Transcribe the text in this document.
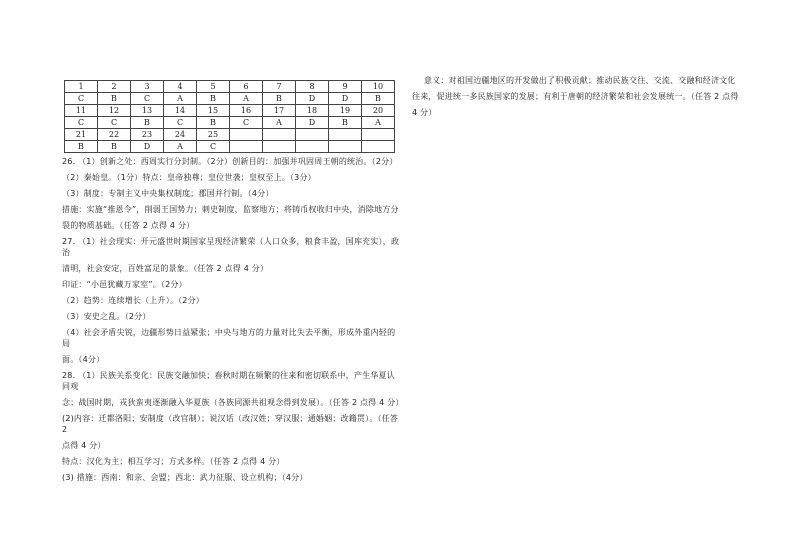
1	2	3	4	5	6	7	8	9	10
C	B	C	A	B	A	B	D	D	B
11	12	13	14	15	16	17	18	19	20
C	C	B	C	B	C	A	D	B	A
21	22	23	24	25					
B	B	D	A	C					
26. （1）创新之处：西周实行分封制。（2分）创新目的：加强并巩固周王朝的统治。（2分）
（2）秦始皇。（1分）特点：皇帝独尊；皇位世袭；皇权至上。（3分）
（3）制度：专制主义中央集权制度；郡国并行制。（4分）
措施：实施“推恩令”，削弱王国势力；刺史制度，监察地方；将铸币权收归中央，消除地方分
裂的物质基础。（任答 2 点得 4 分）
27. （1）社会现实：开元盛世时期国家呈现经济繁荣（人口众多，粮食丰盈，国库充实），政治
清明，社会安定，百姓富足的景象。（任答 2 点得 4 分）
印证：“小邑犹藏万家室”。（2分）
（2）趋势：连续增长（上升）。（2分）
（3）安史之乱。（2分）
（4）社会矛盾尖锐，边疆形势日益紧张；中央与地方的力量对比失去平衡，形成外重内轻的局
面。（4分）
28. （1）民族关系变化：民族交融加快；春秋时期在频繁的往来和密切联系中，产生华夏认同观
念；战国时期，戎狄蛮夷逐渐融入华夏族（各族同源共祖观念得到发展）。（任答 2 点得 4 分）
(2)内容：迁都洛阳；安制度（改官制）；说汉话（改汉姓；穿汉服；通婚姻；改籍贯）。（任答 2
点得 4 分）
特点：汉化为主；相互学习；方式多样。（任答 2 点得 4 分）
(3) 措施：西南：和亲、会盟；西北：武力征服、设立机构；（4分）

意义：对祖国边疆地区的开发做出了积极贡献；推动民族交往、交流、交融和经济文化往来，促进统一多民族国家的发展；有利于唐朝的经济繁荣和社会发展统一。（任答 2 点得 4 分）
